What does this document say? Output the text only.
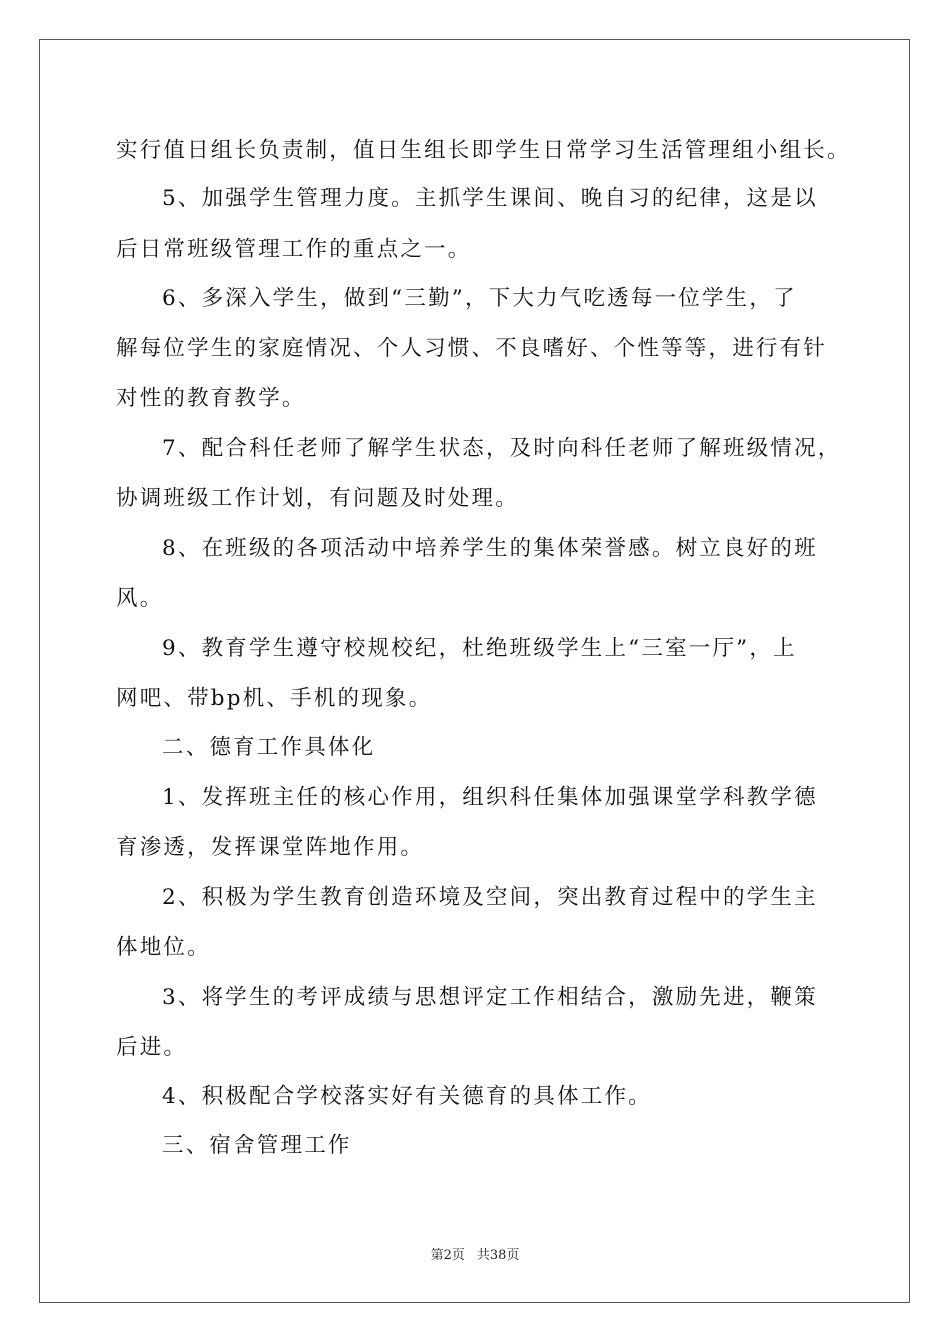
实行值日组长负责制，值日生组长即学生日常学习生活管理组小组长。
5、加强学生管理力度。主抓学生课间、晚自习的纪律，这是以
后日常班级管理工作的重点之一。
6、多深入学生，做到“三勤”，下大力气吃透每一位学生，了
解每位学生的家庭情况、个人习惯、不良嗜好、个性等等，进行有针
对性的教育教学。
7、配合科任老师了解学生状态，及时向科任老师了解班级情况，
协调班级工作计划，有问题及时处理。
8、在班级的各项活动中培养学生的集体荣誉感。树立良好的班
风。
9、教育学生遵守校规校纪，杜绝班级学生上“三室一厅”，上
网吧、带bp机、手机的现象。
二、德育工作具体化
1、发挥班主任的核心作用，组织科任集体加强课堂学科教学德
育渗透，发挥课堂阵地作用。
2、积极为学生教育创造环境及空间，突出教育过程中的学生主
体地位。
3、将学生的考评成绩与思想评定工作相结合，激励先进，鞭策
后进。
4、积极配合学校落实好有关德育的具体工作。
三、宿舍管理工作
第2页 共38页
